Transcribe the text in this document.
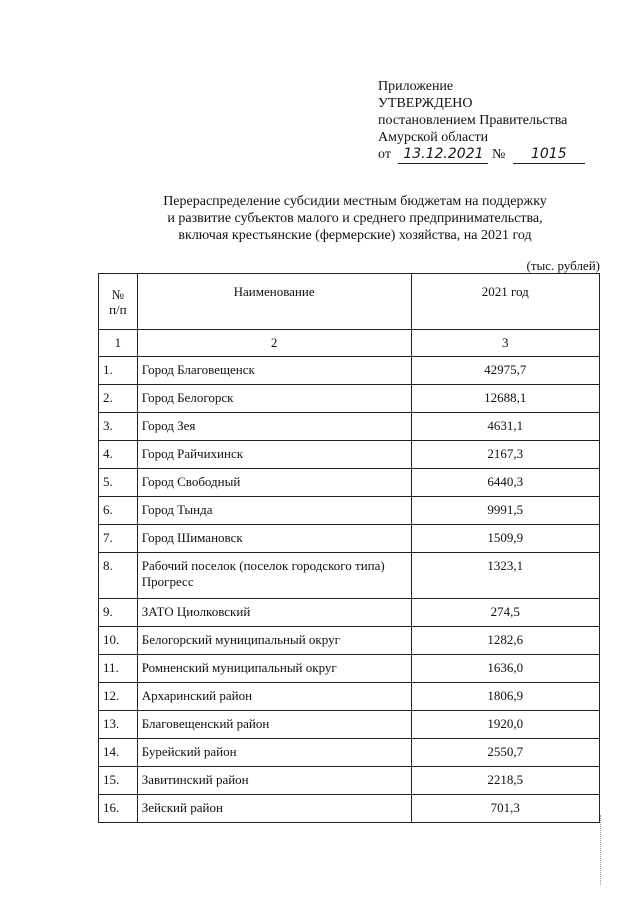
Приложение
УТВЕРЖДЕНО
постановлением Правительства
Амурской области
от 13.12.2021 № 1015
Перераспределение субсидии местным бюджетам на поддержку
и развитие субъектов малого и среднего предпринимательства,
включая крестьянские (фермерские) хозяйства, на 2021 год
(тыс. рублей)
№
п/п	Наименование	2021 год
1	2	3
1.	Город Благовещенск	42975,7
2.	Город Белогорск	12688,1
3.	Город Зея	4631,1
4.	Город Райчихинск	2167,3
5.	Город Свободный	6440,3
6.	Город Тында	9991,5
7.	Город Шимановск	1509,9
8.	Рабочий поселок (поселок городского типа)
Прогресс	1323,1
9.	ЗАТО Циолковский	274,5
10.	Белогорский муниципальный округ	1282,6
11.	Ромненский муниципальный округ	1636,0
12.	Архаринский район	1806,9
13.	Благовещенский район	1920,0
14.	Бурейский район	2550,7
15.	Завитинский район	2218,5
16.	Зейский район	701,3
